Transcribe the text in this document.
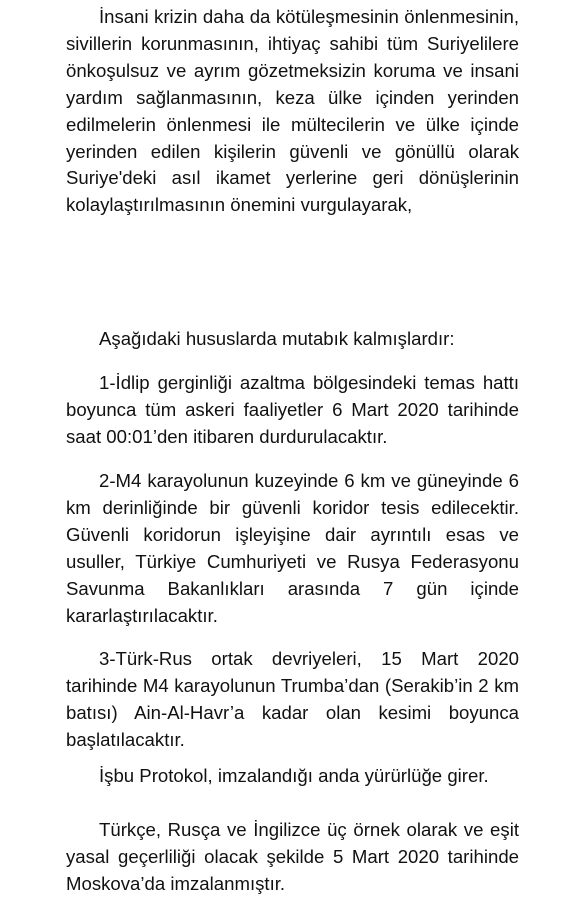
İnsani krizin daha da kötüleşmesinin önlenmesinin, sivillerin korunmasının, ihtiyaç sahibi tüm Suriyelilere önkoşulsuz ve ayrım gözetmeksizin koruma ve insani yardım sağlanmasının, keza ülke içinden yerinden edilmelerin önlenmesi ile mültecilerin ve ülke içinde yerinden edilen kişilerin güvenli ve gönüllü olarak Suriye'deki asıl ikamet yerlerine geri dönüşlerinin kolaylaştırılmasının önemini vurgulayarak,

Aşağıdaki hususlarda mutabık kalmışlardır:

1-İdlip gerginliği azaltma bölgesindeki temas hattı boyunca tüm askeri faaliyetler 6 Mart 2020 tarihinde saat 00:01’den itibaren durdurulacaktır.

2-M4 karayolunun kuzeyinde 6 km ve güneyinde 6 km derinliğinde bir güvenli koridor tesis edilecektir. Güvenli koridorun işleyişine dair ayrıntılı esas ve usuller, Türkiye Cumhuriyeti ve Rusya Federasyonu Savunma Bakanlıkları arasında 7 gün içinde kararlaştırılacaktır.

3-Türk-Rus ortak devriyeleri, 15 Mart 2020 tarihinde M4 karayolunun Trumba’dan (Serakib’in 2 km batısı) Ain-Al-Havr’a kadar olan kesimi boyunca başlatılacaktır.

İşbu Protokol, imzalandığı anda yürürlüğe girer.

Türkçe, Rusça ve İngilizce üç örnek olarak ve eşit yasal geçerliliği olacak şekilde 5 Mart 2020 tarihinde Moskova’da imzalanmıştır.
